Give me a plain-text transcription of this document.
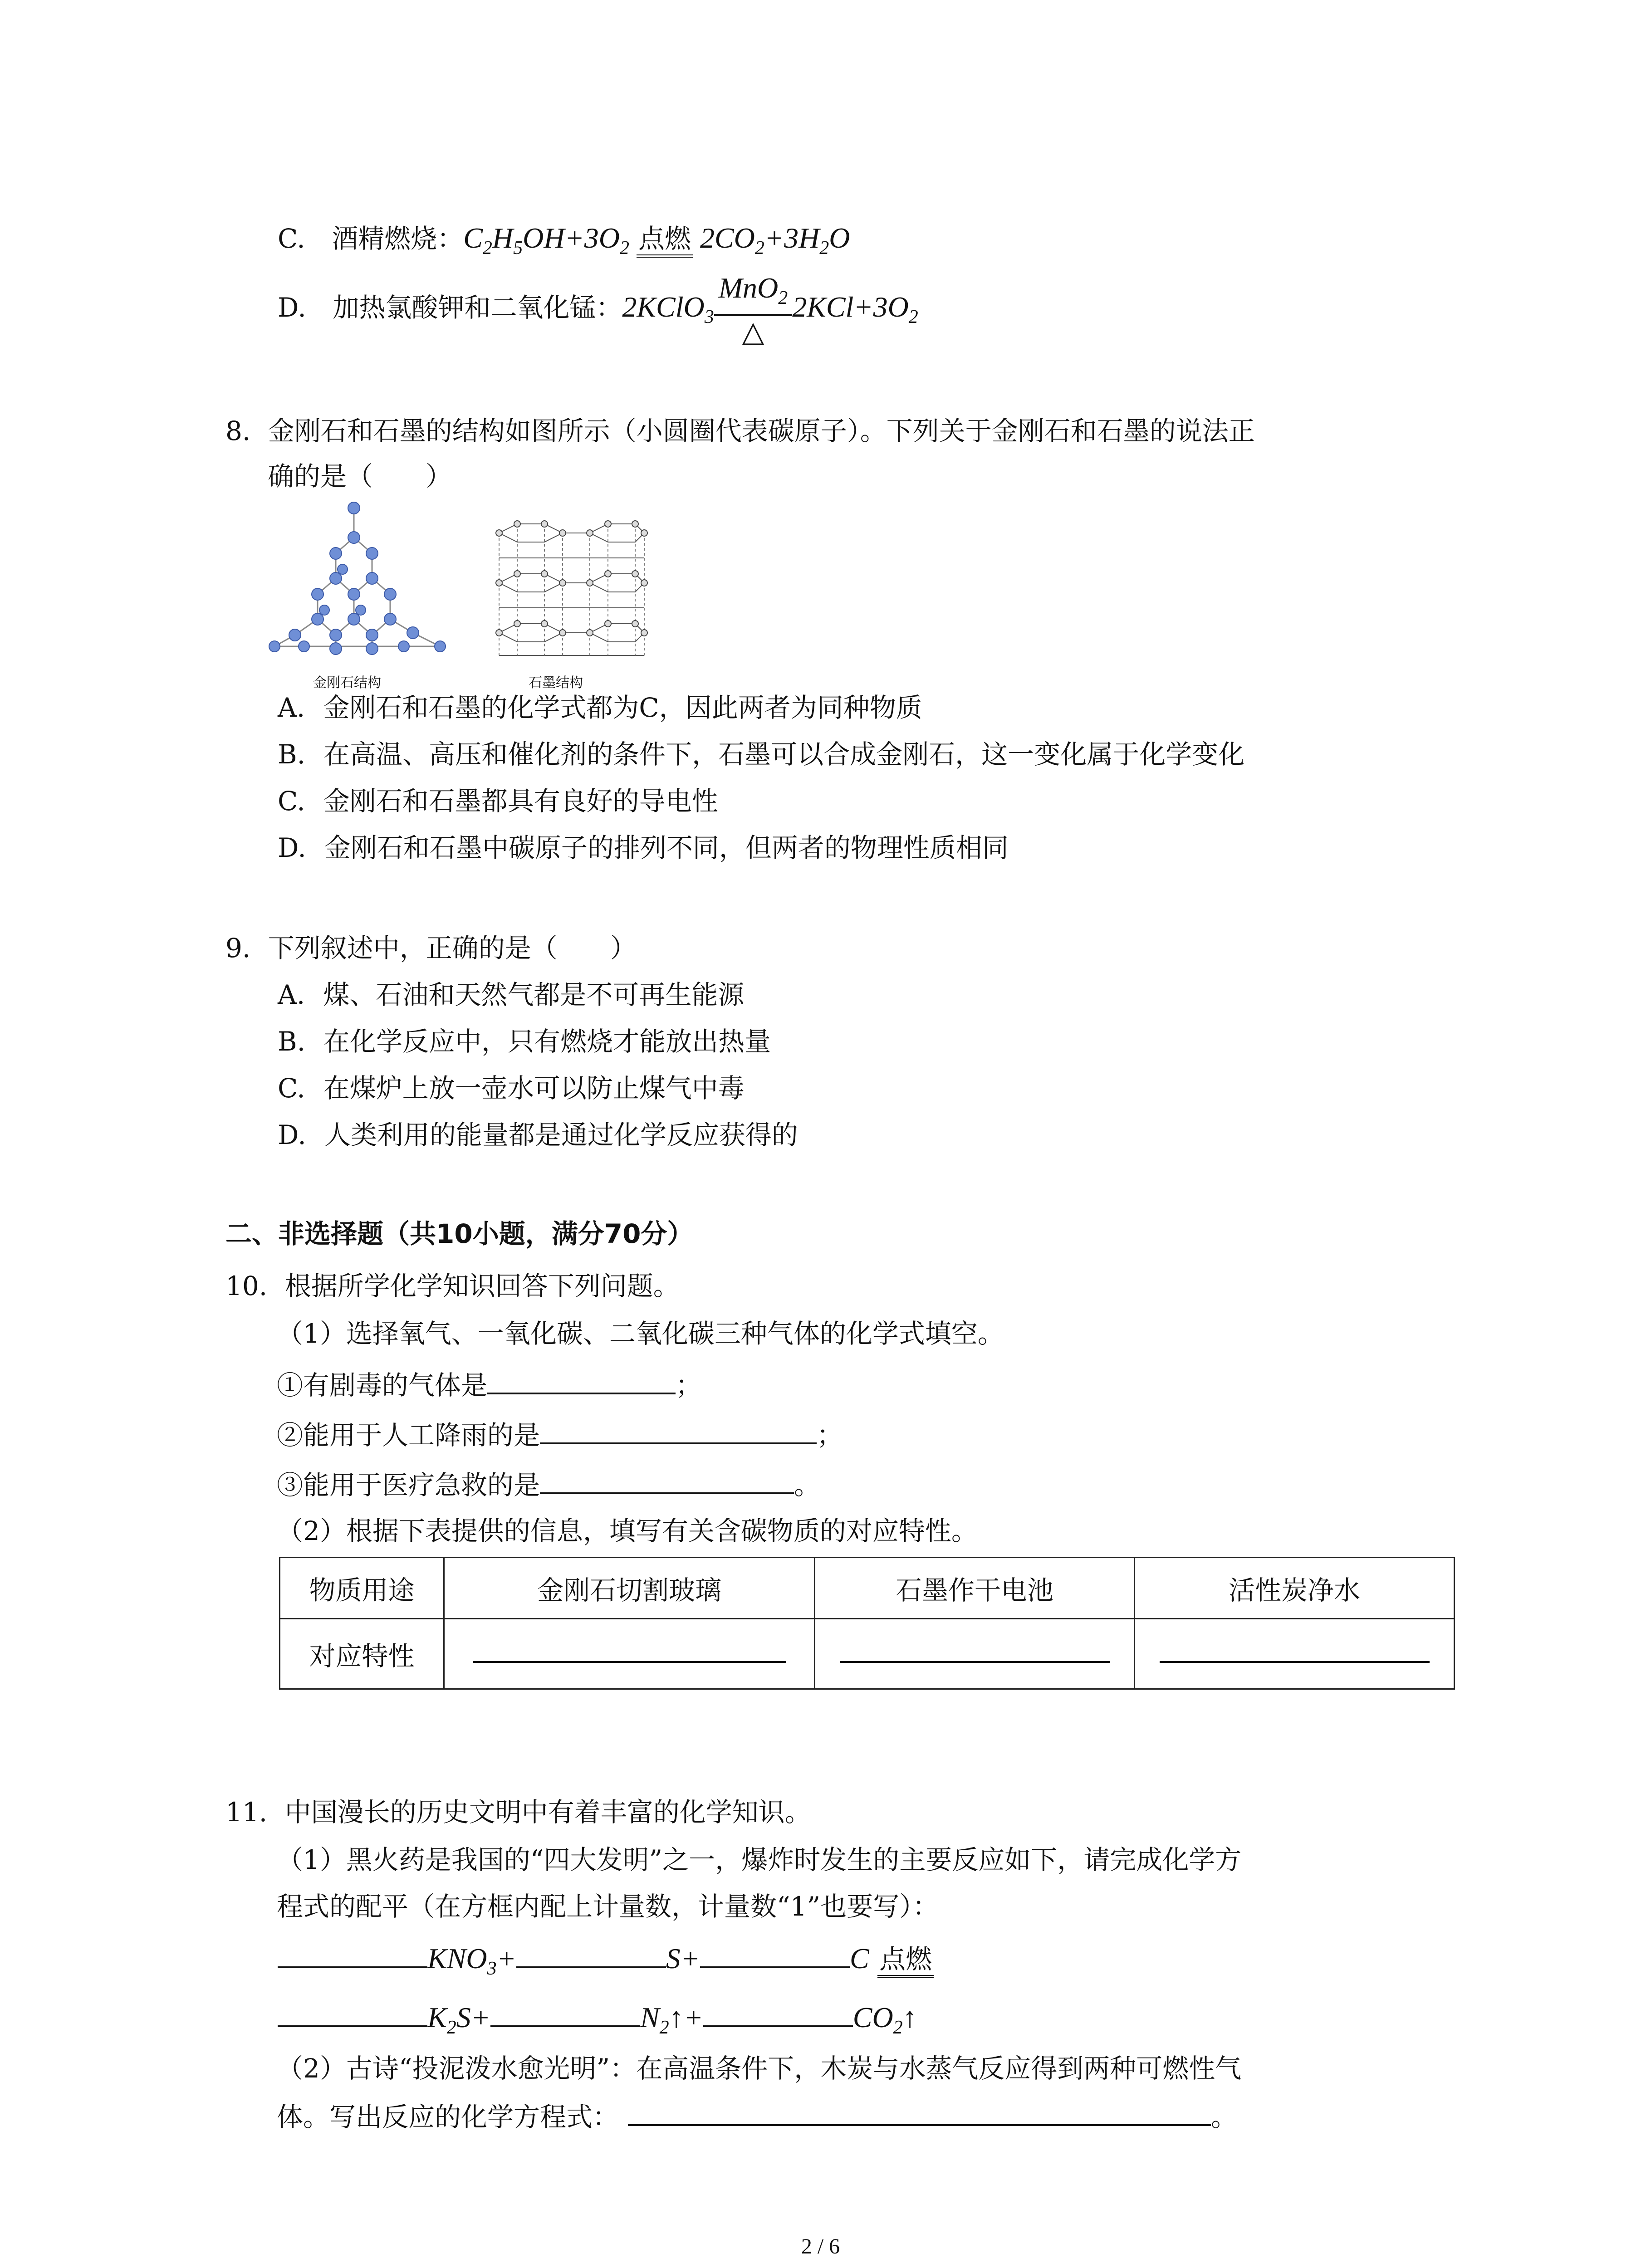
C. 酒精燃烧：$C_2H_5OH+3O_2$ 点燃 $2CO_2+3H_2O$
D. 加热氯酸钾和二氧化锰：2KClO$_3$ $\frac{MnO_2}{\triangle} 2KCl+3O_2$
8. 金刚石和石墨的结构如图所示（小圆圈代表碳原子）。下列关于金刚石和石墨的说法正
确的是（　　）
金刚石结构	石墨结构
A. 金刚石和石墨的化学式都为C，因此两者为同种物质
B. 在高温、高压和催化剂的条件下，石墨可以合成金刚石，这一变化属于化学变化
C. 金刚石和石墨都具有良好的导电性
D. 金刚石和石墨中碳原子的排列不同，但两者的物理性质相同
9. 下列叙述中，正确的是（　　）
A. 煤、石油和天然气都是不可再生能源
B. 在化学反应中，只有燃烧才能放出热量
C. 在煤炉上放一壶水可以防止煤气中毒
D. 人类利用的能量都是通过化学反应获得的
二、非选择题（共10小题，满分70分）
10. 根据所学化学知识回答下列问题。
（1）选择氧气、一氧化碳、二氧化碳三种气体的化学式填空。
①有剧毒的气体是	；
②能用于人工降雨的是	；
③能用于医疗急救的是	。
（2）根据下表提供的信息，填写有关含碳物质的对应特性。
物质用途	金刚石切割玻璃	石墨作干电池	活性炭净水
对应特性			
11. 中国漫长的历史文明中有着丰富的化学知识。
（1）黑火药是我国的“四大发明”之一，爆炸时发生的主要反应如下，请完成化学方
程式的配平（在方框内配上计量数，计量数“1”也要写）：
$KNO_3+$	S+	C 点燃
$K_2S+$	$N_2↑+$	$CO_2↑$
（2）古诗“投泥泼水愈光明”：在高温条件下，木炭与水蒸气反应得到两种可燃性气
体。写出反应的化学方程式：	。
2 / 6
